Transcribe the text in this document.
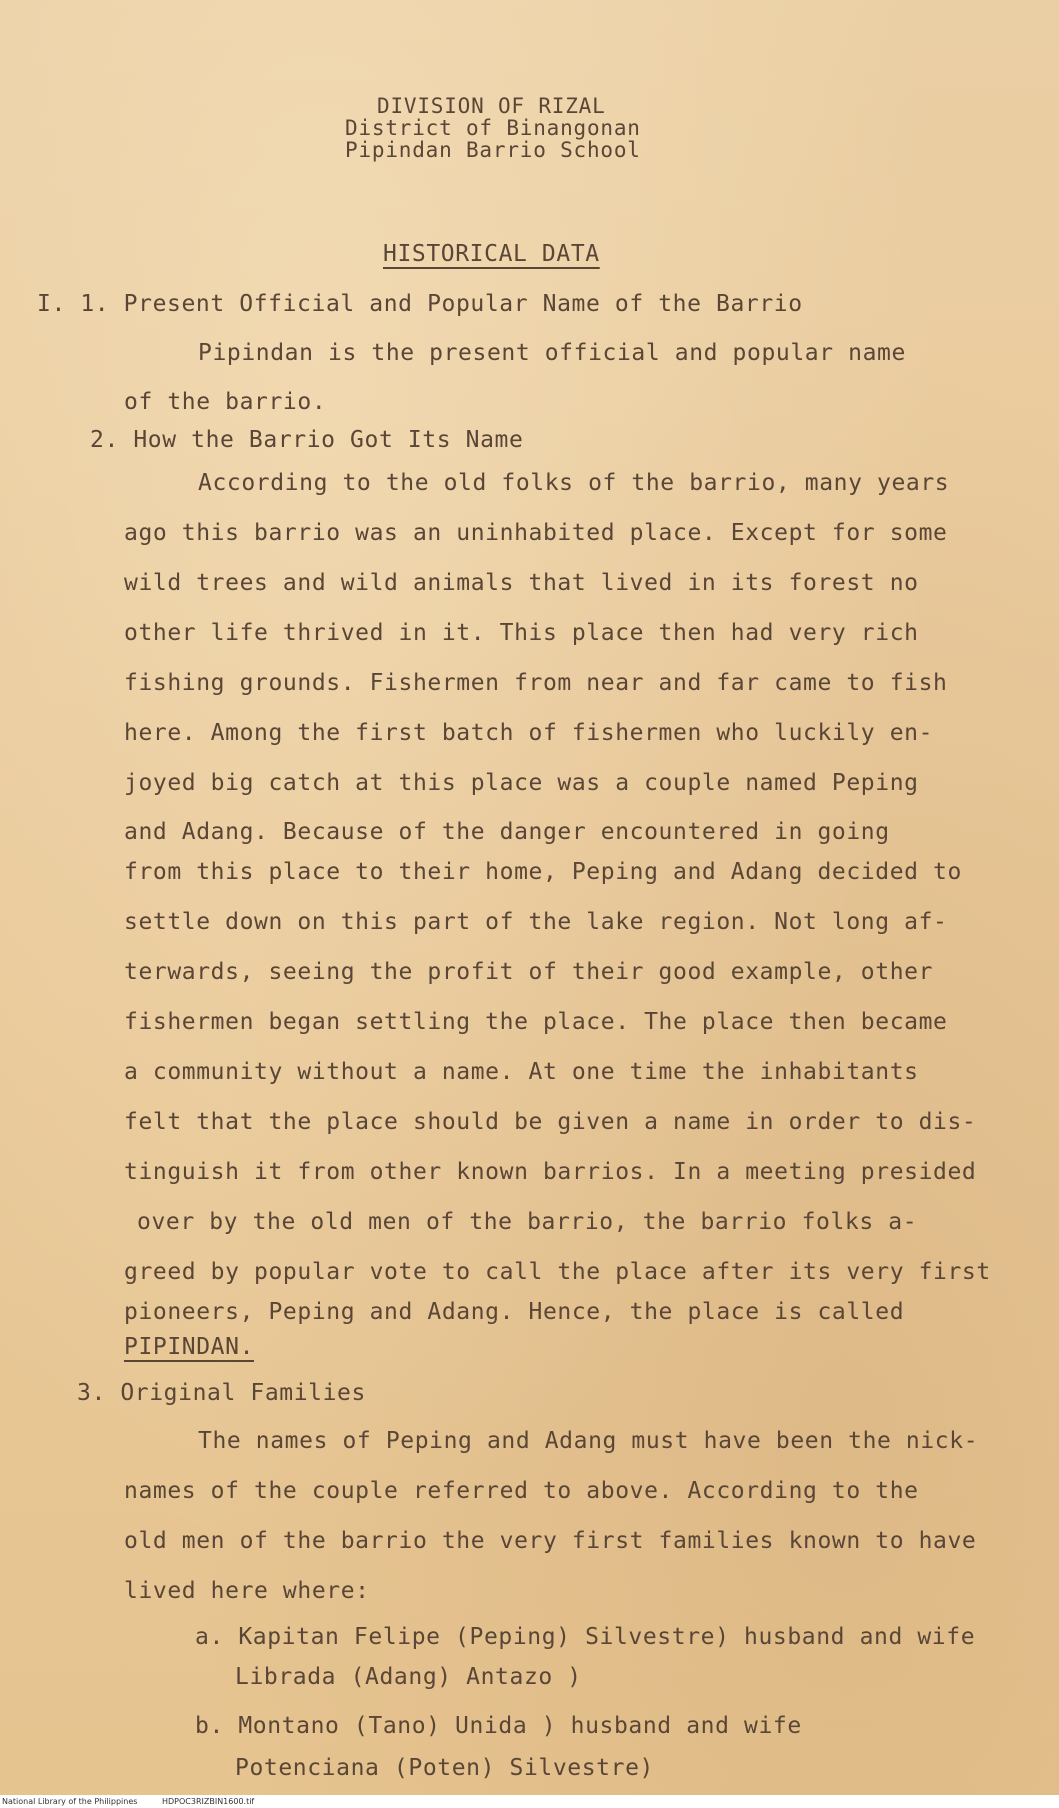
DIVISION OF RIZAL
District of Binangonan
Pipindan Barrio School
HISTORICAL DATA
I. 1. Present Official and Popular Name of the Barrio
Pipindan is the present official and popular name
of the barrio.
2. How the Barrio Got Its Name
According to the old folks of the barrio, many years
ago this barrio was an uninhabited place. Except for some
wild trees and wild animals that lived in its forest no
other life thrived in it. This place then had very rich
fishing grounds. Fishermen from near and far came to fish
here. Among the first batch of fishermen who luckily en-
joyed big catch at this place was a couple named Peping
and Adang. Because of the danger encountered in going
from this place to their home, Peping and Adang decided to
settle down on this part of the lake region. Not long af-
terwards, seeing the profit of their good example, other
fishermen began settling the place. The place then became
a community without a name. At one time the inhabitants
felt that the place should be given a name in order to dis-
tinguish it from other known barrios. In a meeting presided
over by the old men of the barrio, the barrio folks a-
greed by popular vote to call the place after its very first
pioneers, Peping and Adang. Hence, the place is called
PIPINDAN.
3. Original Families
The names of Peping and Adang must have been the nick-
names of the couple referred to above. According to the
old men of the barrio the very first families known to have
lived here where:
a. Kapitan Felipe (Peping) Silvestre) husband and wife
Librada (Adang) Antazo )
b. Montano (Tano) Unida ) husband and wife
Potenciana (Poten) Silvestre)
National Library of the Philippines	HDPOC3RIZBIN1600.tif
